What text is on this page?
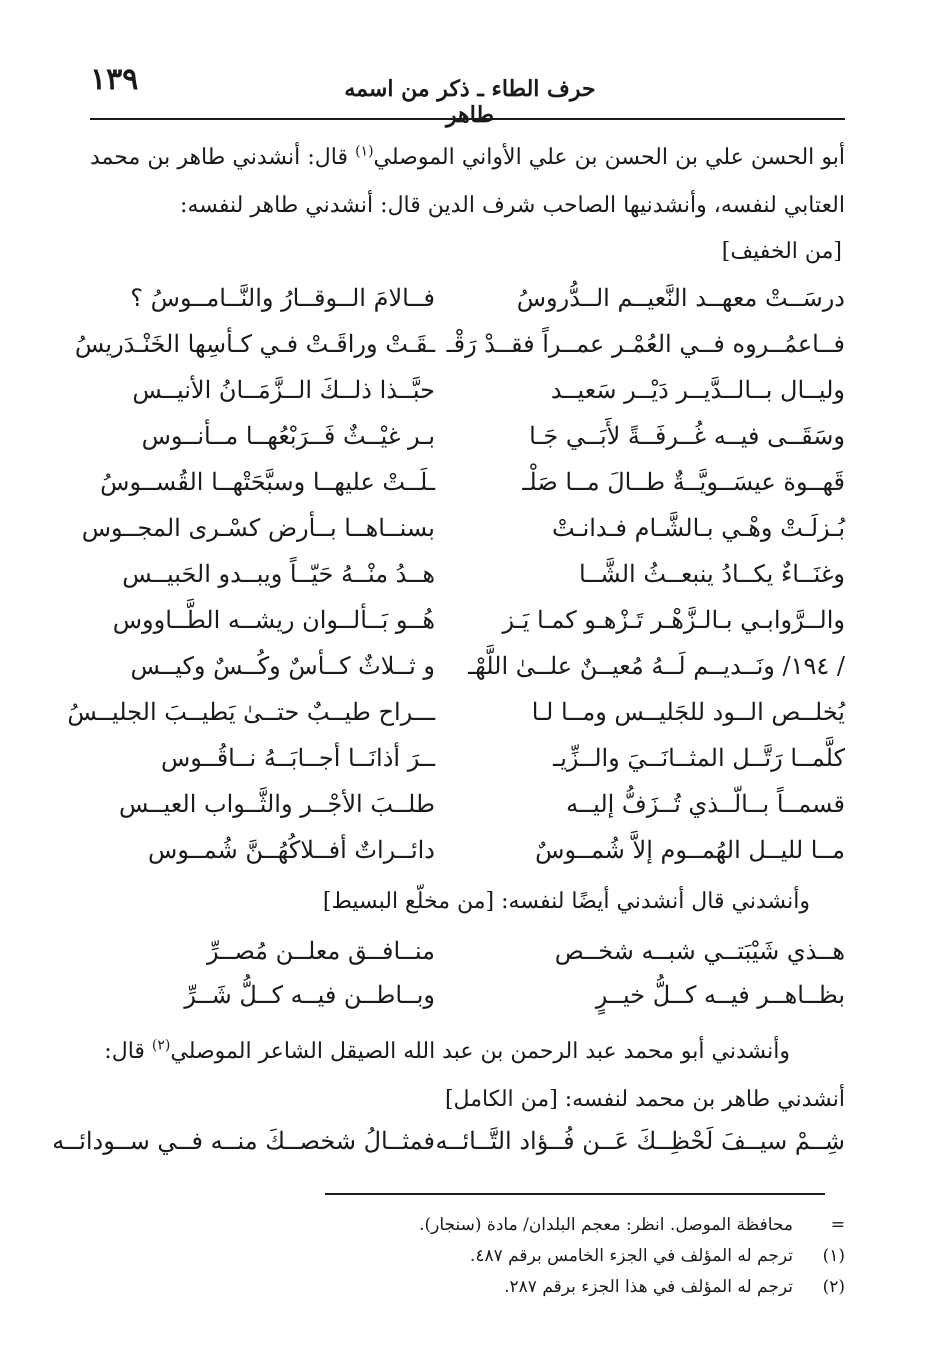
١٣٩	حرف الطاء ـ ذكر من اسمه طاهر

أبو الحسن علي بن الحسن بن علي الأواني الموصلي$^{(١)}$ قال: أنشدني طاهر بن محمد العتابي لنفسه، وأنشدنيها الصاحب شرف الدين قال: أنشدني طاهر لنفسه:

[من الخفيف]
درسَــتْ معهــد النَّعيــم الــدُّروسُ
فــالامَ الــوقــارُ والنَّــامــوسُ ؟
فــاعمُــروه فــي العُمْـر عمــراً فقــدْ رَقْـ
ـقَـتْ وراقَـتْ فـي كـأسِها الخَنْـدَريسُ
وليــال بــالــدَّيــر دَيْــر سَعيــد
حبَّــذا ذلــكَ الــزَّمَــانُ الأنيــس
وسَقَــى فيــه غُــرفَــةً لأَبَــي جَـا
بـر غيْــثٌ فَــرَبْعُهــا مــأنــوس
قَهــوة عيسَــويَّــةٌ طــالَ مــا صَلْـ
ـلَــتْ عليهــا وسبَّحَتْهــا القُســوسُ
بُـزلَـتْ وهْـي بـالشَّـام فـدانـتْ
بسنــاهــا بــأرض كسْـرى المجــوس
وغنَــاءٌ يكــادُ ينبعــثُ الشَّــا
هــدُ منْــهُ حَيّــاً ويبــدو الحَبيــس
والــرَّوابـي بـالـزَّهْـر تَـزْهـو كمـا يَـز
هُــو بَــألــوان ريشــه الطَّــاووس
/ ١٩٤/ ونَــديــم لَــهُ مُعيــنٌ علــىٰ اللَّهْـ
و ثــلاثٌ كــأسٌ وكُــسٌ وكيــس
يُخلــص الــود للجَليــس ومــا لـا
ـــراح طيــبٌ حتــىٰ يَطيــبَ الجليــسُ
كلَّمــا رَتَّــل المثــانَــيَ والــزِّيـ
ــرَ أذانَــا أجــابَــهُ نــاقُــوس
قسمــاً بــالّــذي تُــزَفُّ إليــه
طلــبَ الأجْــر والثَّــواب العيــس
مــا لليــل الهُمــوم إلاَّ شُمــوسٌ
دائــراتٌ أفــلاكُهُــنَّ شُمــوس
وأنشدني قال أنشدني أيضًا لنفسه: [من مخلّع البسيط]
هــذي شَيْبَتــي شبــه شخــص
منــافــق معلــن مُصــرِّ
بظــاهــر فيــه كــلُّ خيــرٍ
وبــاطــن فيــه كــلُّ شَــرِّ

وأنشدني أبو محمد عبد الرحمن بن عبد الله الصيقل الشاعر الموصلي$^{(٢)}$ قال:

أنشدني طاهر بن محمد لنفسه: [من الكامل]
شِــمْ سيــفَ لَحْظِــكَ عَــن فُــؤاد التَّــائــه
فمثــالُ شخصــكَ منــه فــي ســودائــه
=
محافظة الموصل. انظر: معجم البلدان/ مادة (سنجار).
(١)
ترجم له المؤلف في الجزء الخامس برقم ٤٨٧.
(٢)
ترجم له المؤلف في هذا الجزء برقم ٢٨٧.
